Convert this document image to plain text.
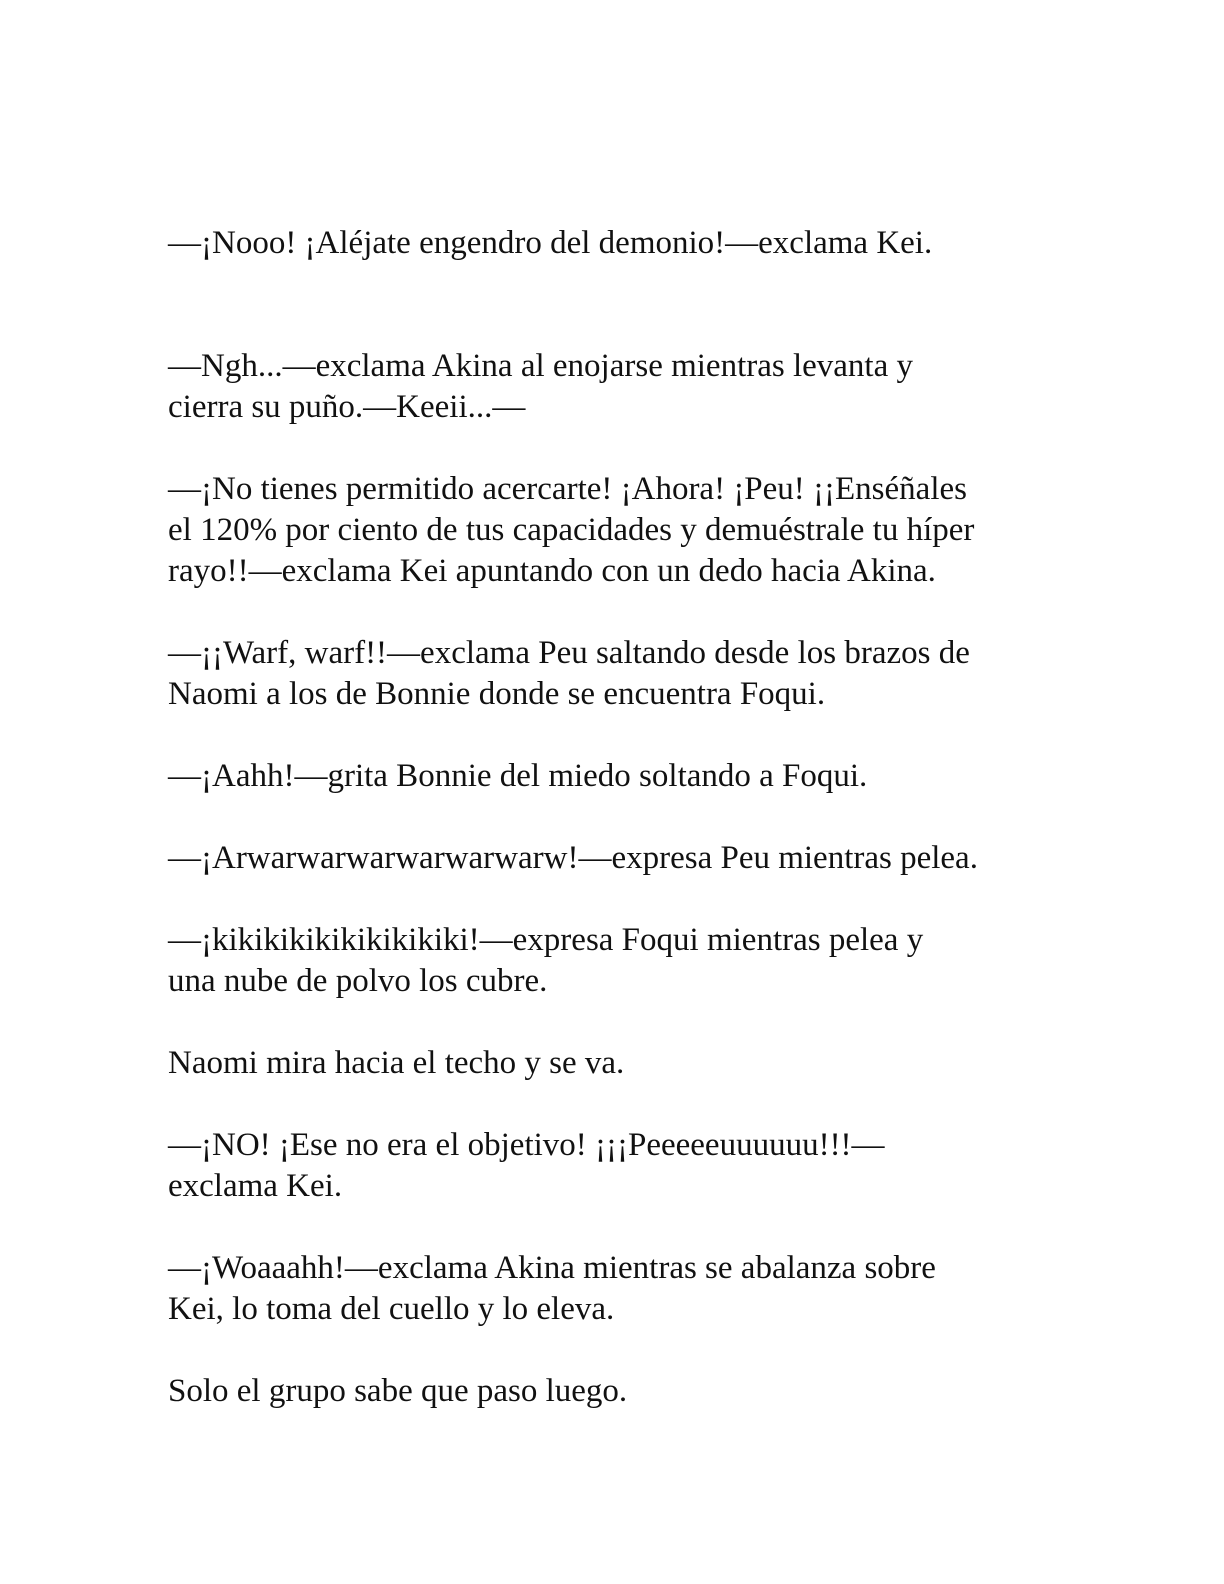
—¡Nooo! ¡Aléjate engendro del demonio!—exclama Kei.

—Ngh...—exclama Akina al enojarse mientras levanta y
cierra su puño.—Keeii...—

—¡No tienes permitido acercarte! ¡Ahora! ¡Peu! ¡¡Enséñales
el 120% por ciento de tus capacidades y demuéstrale tu híper
rayo!!—exclama Kei apuntando con un dedo hacia Akina.

—¡¡Warf, warf!!—exclama Peu saltando desde los brazos de
Naomi a los de Bonnie donde se encuentra Foqui.

—¡Aahh!—grita Bonnie del miedo soltando a Foqui.

—¡Arwarwarwarwarwarwarw!—expresa Peu mientras pelea.

—¡kikikikikikikikikiki!—expresa Foqui mientras pelea y
una nube de polvo los cubre.

Naomi mira hacia el techo y se va.

—¡NO! ¡Ese no era el objetivo! ¡¡¡Peeeeeuuuuuu!!!—
exclama Kei.

—¡Woaaahh!—exclama Akina mientras se abalanza sobre
Kei, lo toma del cuello y lo eleva.

Solo el grupo sabe que paso luego.
